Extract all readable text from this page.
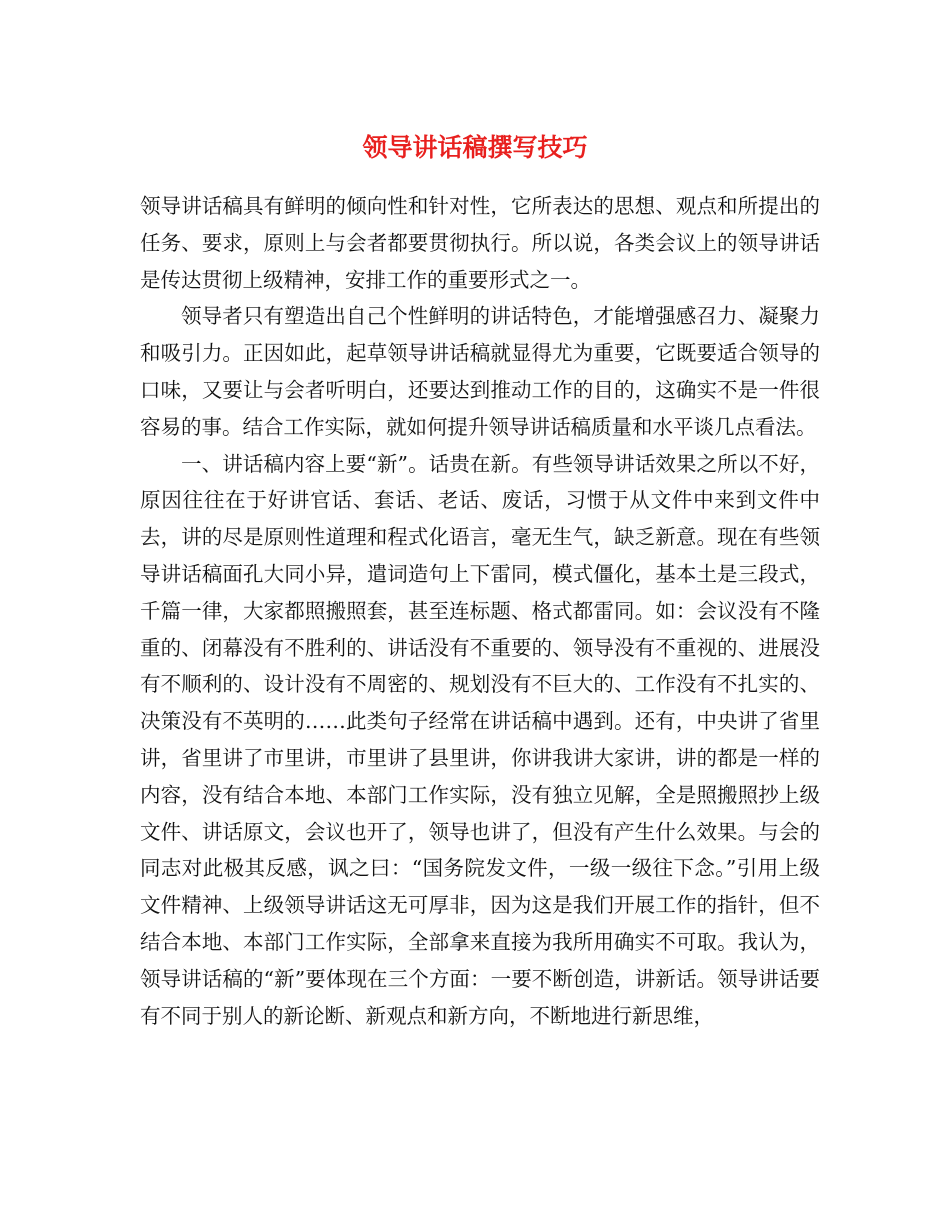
领导讲话稿撰写技巧

领导讲话稿具有鲜明的倾向性和针对性，它所表达的思想、观点和所提出的任务、要求，原则上与会者都要贯彻执行。所以说，各类会议上的领导讲话是传达贯彻上级精神，安排工作的重要形式之一。

领导者只有塑造出自己个性鲜明的讲话特色，才能增强感召力、凝聚力和吸引力。正因如此，起草领导讲话稿就显得尤为重要，它既要适合领导的口味，又要让与会者听明白，还要达到推动工作的目的，这确实不是一件很容易的事。结合工作实际，就如何提升领导讲话稿质量和水平谈几点看法。

一、讲话稿内容上要“新”。话贵在新。有些领导讲话效果之所以不好，原因往往在于好讲官话、套话、老话、废话，习惯于从文件中来到文件中去，讲的尽是原则性道理和程式化语言，毫无生气，缺乏新意。现在有些领导讲话稿面孔大同小异，遣词造句上下雷同，模式僵化，基本土是三段式，千篇一律，大家都照搬照套，甚至连标题、格式都雷同。如：会议没有不隆重的、闭幕没有不胜利的、讲话没有不重要的、领导没有不重视的、进展没有不顺利的、设计没有不周密的、规划没有不巨大的、工作没有不扎实的、决策没有不英明的……此类句子经常在讲话稿中遇到。还有，中央讲了省里讲，省里讲了市里讲，市里讲了县里讲，你讲我讲大家讲，讲的都是一样的内容，没有结合本地、本部门工作实际，没有独立见解，全是照搬照抄上级文件、讲话原文，会议也开了，领导也讲了，但没有产生什么效果。与会的同志对此极其反感，讽之曰：“国务院发文件，一级一级往下念。”引用上级文件精神、上级领导讲话这无可厚非，因为这是我们开展工作的指针，但不结合本地、本部门工作实际，全部拿来直接为我所用确实不可取。我认为，领导讲话稿的“新”要体现在三个方面：一要不断创造，讲新话。领导讲话要有不同于别人的新论断、新观点和新方向，不断地进行新思维，
